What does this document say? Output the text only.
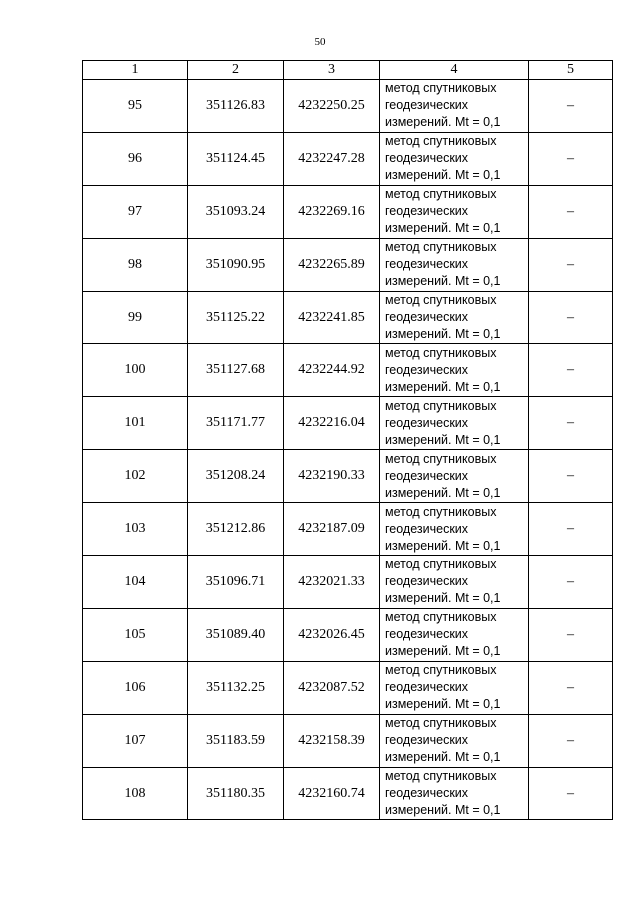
50
1	2	3	4	5
95	351126.83	4232250.25	метод спутниковых
геодезических
измерений. Mt = 0,1	–
96	351124.45	4232247.28	метод спутниковых
геодезических
измерений. Mt = 0,1	–
97	351093.24	4232269.16	метод спутниковых
геодезических
измерений. Mt = 0,1	–
98	351090.95	4232265.89	метод спутниковых
геодезических
измерений. Mt = 0,1	–
99	351125.22	4232241.85	метод спутниковых
геодезических
измерений. Mt = 0,1	–
100	351127.68	4232244.92	метод спутниковых
геодезических
измерений. Mt = 0,1	–
101	351171.77	4232216.04	метод спутниковых
геодезических
измерений. Mt = 0,1	–
102	351208.24	4232190.33	метод спутниковых
геодезических
измерений. Mt = 0,1	–
103	351212.86	4232187.09	метод спутниковых
геодезических
измерений. Mt = 0,1	–
104	351096.71	4232021.33	метод спутниковых
геодезических
измерений. Mt = 0,1	–
105	351089.40	4232026.45	метод спутниковых
геодезических
измерений. Mt = 0,1	–
106	351132.25	4232087.52	метод спутниковых
геодезических
измерений. Mt = 0,1	–
107	351183.59	4232158.39	метод спутниковых
геодезических
измерений. Mt = 0,1	–
108	351180.35	4232160.74	метод спутниковых
геодезических
измерений. Mt = 0,1	–
